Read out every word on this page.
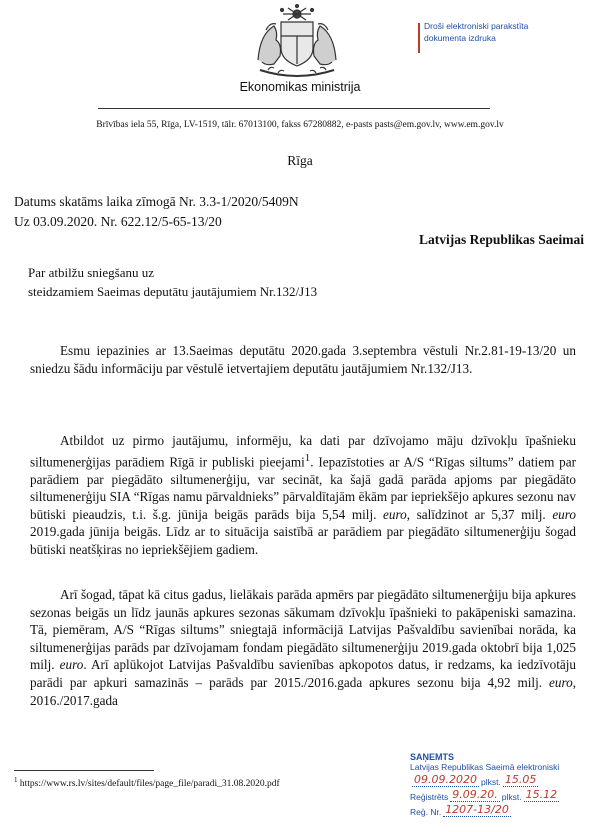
Ekonomikas ministrija
Brīvības iela 55, Rīga, LV-1519, tālr. 67013100, fakss 67280882, e-pasts pasts@em.gov.lv, www.em.gov.lv
Droši elektroniski parakstīta
dokumenta izdruka
Rīga
Datums skatāms laika zīmogā Nr. 3.3-1/2020/5409N
Uz 03.09.2020. Nr. 622.12/5-65-13/20
Latvijas Republikas Saeimai
Par atbilžu sniegšanu uz
steidzamiem Saeimas deputātu jautājumiem Nr.132/J13

Esmu iepazinies ar 13.Saeimas deputātu 2020.gada 3.septembra vēstuli Nr.2.81-19-13/20 un sniedzu šādu informāciju par vēstulē ietvertajiem deputātu jautājumiem Nr.132/J13.

Atbildot uz pirmo jautājumu, informēju, ka dati par dzīvojamo māju dzīvokļu īpašnieku siltumenerģijas parādiem Rīgā ir publiski pieejami$^1$. Iepazīstoties ar A/S “Rīgas siltums” datiem par parādiem par piegādāto siltumenerģiju, var secināt, ka šajā gadā parāda apjoms par piegādāto siltumenerģiju SIA “Rīgas namu pārvaldnieks” pārvaldītajām ēkām par iepriekšējo apkures sezonu nav būtiski pieaudzis, t.i. š.g. jūnija beigās parāds bija 5,54 milj. euro, salīdzinot ar 5,37 milj. euro 2019.gada jūnija beigās. Līdz ar to situācija saistībā ar parādiem par piegādāto siltumenerģiju šogad būtiski neatšķiras no iepriekšējiem gadiem.

Arī šogad, tāpat kā citus gadus, lielākais parāda apmērs par piegādāto siltumenerģiju bija apkures sezonas beigās un līdz jaunās apkures sezonas sākumam dzīvokļu īpašnieki to pakāpeniski samazina. Tā, piemēram, A/S “Rīgas siltums” sniegtajā informācijā Latvijas Pašvaldību savienībai norāda, ka siltumenerģijas parāds par dzīvojamam fondam piegādāto siltumenerģiju 2019.gada oktobrī bija 1,025 milj. euro. Arī aplūkojot Latvijas Pašvaldību savienības apkopotos datus, ir redzams, ka iedzīvotāju parādi par apkuri samazinās – parāds par 2015./2016.gada apkures sezonu bija 4,92 milj. euro, 2016./2017.gada

$^1$ https://www.rs.lv/sites/default/files/page_file/paradi_31.08.2020.pdf
SAŅEMTS
Latvijas Republikas Saeimā elektroniski
09.09.2020 plkst. 15.05
Reģistrēts 9.09.20. plkst. 15.12
Reģ. Nr. 1207-13/20
